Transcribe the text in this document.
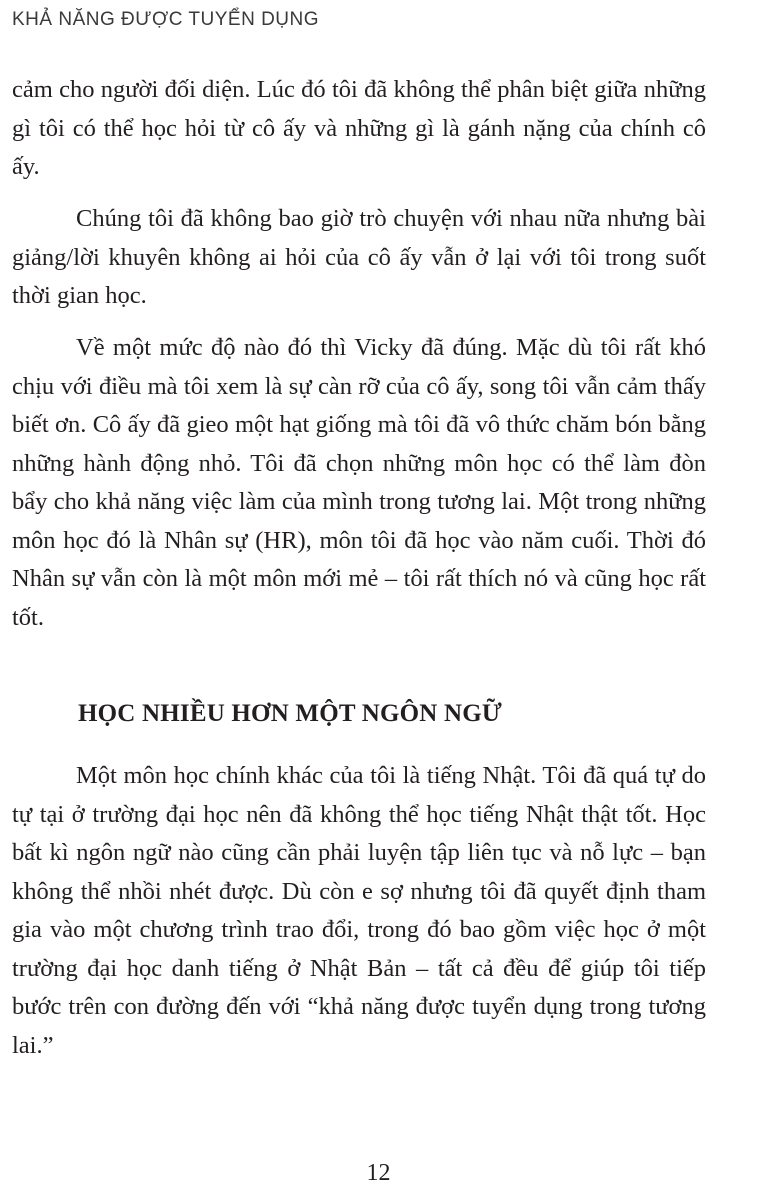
KHẢ NĂNG ĐƯỢC TUYỂN DỤNG

cảm cho người đối diện. Lúc đó tôi đã không thể phân biệt giữa những gì tôi có thể học hỏi từ cô ấy và những gì là gánh nặng của chính cô ấy.

Chúng tôi đã không bao giờ trò chuyện với nhau nữa nhưng bài giảng/lời khuyên không ai hỏi của cô ấy vẫn ở lại với tôi trong suốt thời gian học.

Về một mức độ nào đó thì Vicky đã đúng. Mặc dù tôi rất khó chịu với điều mà tôi xem là sự càn rỡ của cô ấy, song tôi vẫn cảm thấy biết ơn. Cô ấy đã gieo một hạt giống mà tôi đã vô thức chăm bón bằng những hành động nhỏ. Tôi đã chọn những môn học có thể làm đòn bẩy cho khả năng việc làm của mình trong tương lai. Một trong những môn học đó là Nhân sự (HR), môn tôi đã học vào năm cuối. Thời đó Nhân sự vẫn còn là một môn mới mẻ – tôi rất thích nó và cũng học rất tốt.

HỌC NHIỀU HƠN MỘT NGÔN NGỮ

Một môn học chính khác của tôi là tiếng Nhật. Tôi đã quá tự do tự tại ở trường đại học nên đã không thể học tiếng Nhật thật tốt. Học bất kì ngôn ngữ nào cũng cần phải luyện tập liên tục và nỗ lực – bạn không thể nhồi nhét được. Dù còn e sợ nhưng tôi đã quyết định tham gia vào một chương trình trao đổi, trong đó bao gồm việc học ở một trường đại học danh tiếng ở Nhật Bản – tất cả đều để giúp tôi tiếp bước trên con đường đến với “khả năng được tuyển dụng trong tương lai.”

12
